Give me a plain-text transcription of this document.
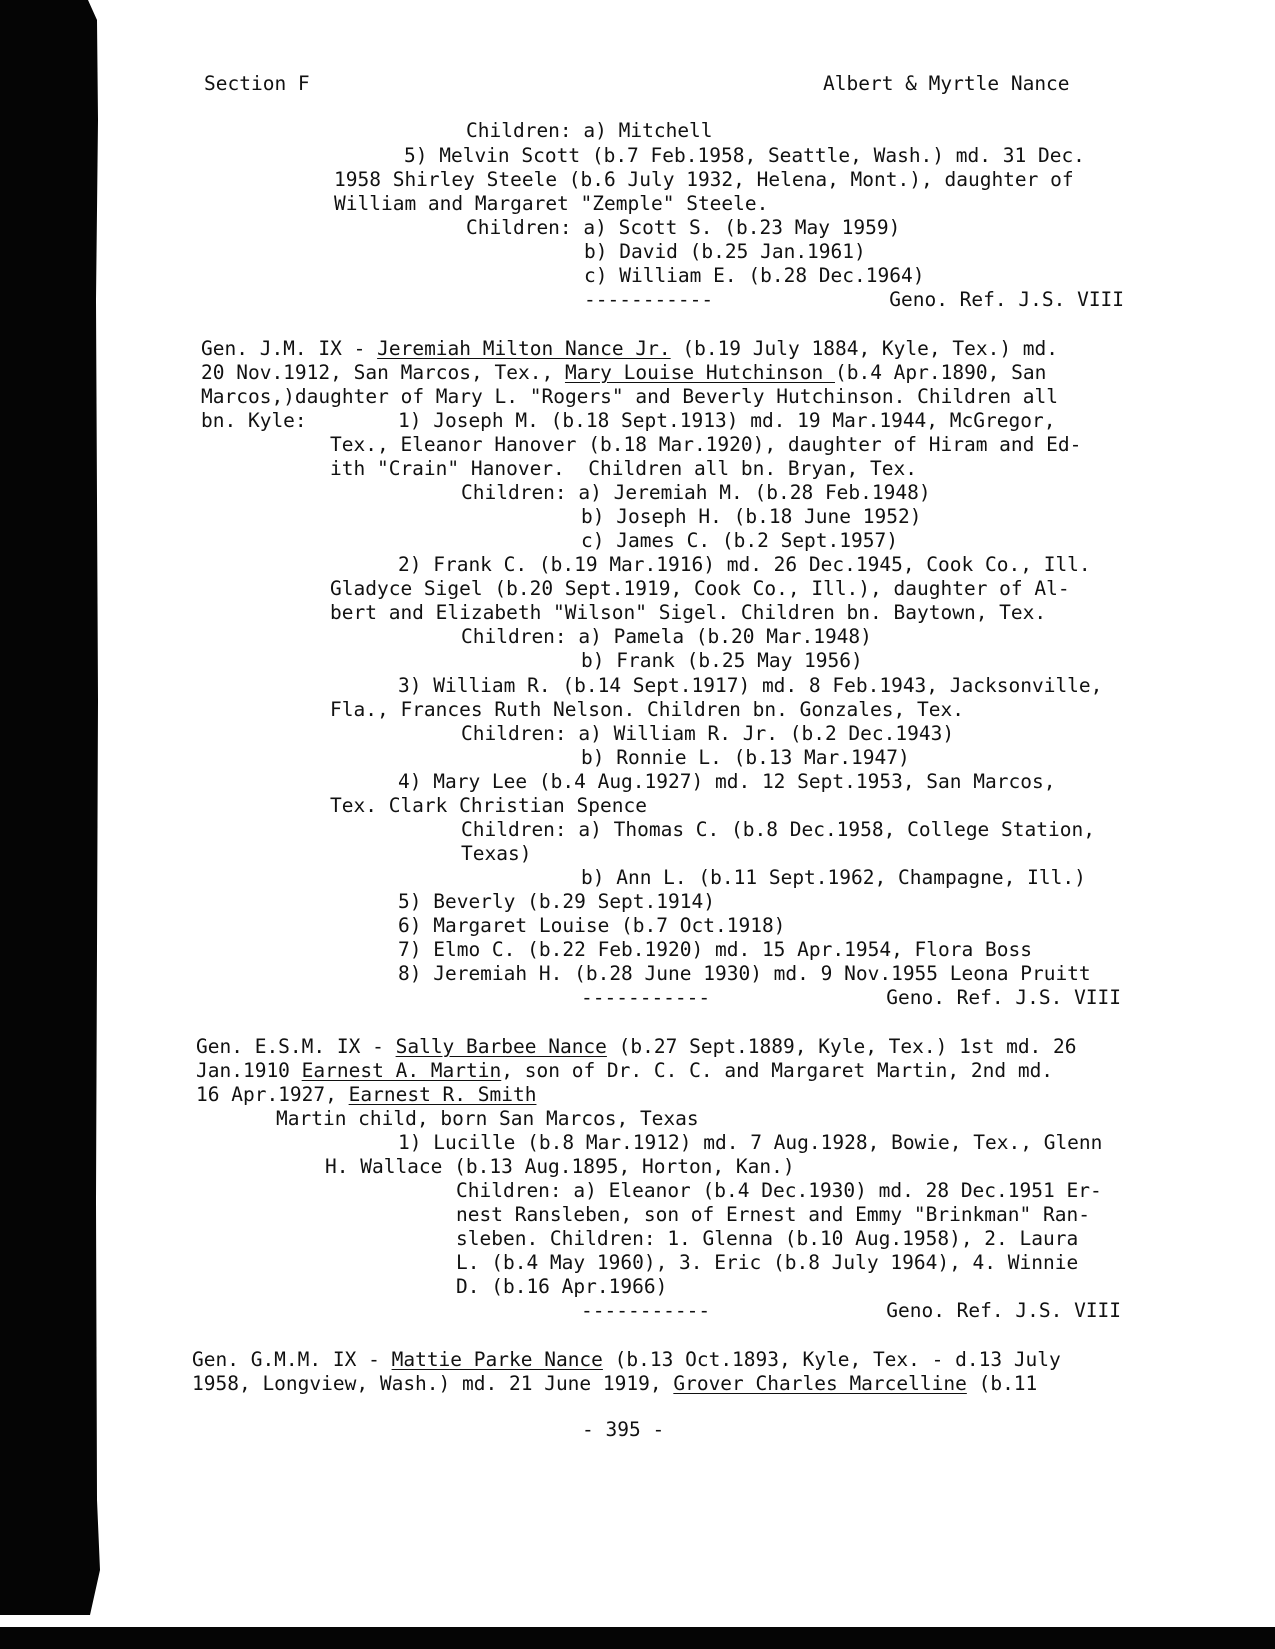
Section F	Albert & Myrtle Nance
Children: a) Mitchell
5) Melvin Scott (b.7 Feb.1958, Seattle, Wash.) md. 31 Dec.
1958 Shirley Steele (b.6 July 1932, Helena, Mont.), daughter of
William and Margaret "Zemple" Steele.
Children: a) Scott S. (b.23 May 1959)
b) David (b.25 Jan.1961)
c) William E. (b.28 Dec.1964)
-----------               Geno. Ref. J.S. VIII
Gen. J.M. IX - Jeremiah Milton Nance Jr. (b.19 July 1884, Kyle, Tex.) md.
20 Nov.1912, San Marcos, Tex., Mary Louise Hutchinson (b.4 Apr.1890, San
Marcos,)daughter of Mary L. "Rogers" and Beverly Hutchinson. Children all
bn. Kyle:	1) Joseph M. (b.18 Sept.1913) md. 19 Mar.1944, McGregor,
Tex., Eleanor Hanover (b.18 Mar.1920), daughter of Hiram and Ed-
ith "Crain" Hanover.  Children all bn. Bryan, Tex.
Children: a) Jeremiah M. (b.28 Feb.1948)
b) Joseph H. (b.18 June 1952)
c) James C. (b.2 Sept.1957)
2) Frank C. (b.19 Mar.1916) md. 26 Dec.1945, Cook Co., Ill.
Gladyce Sigel (b.20 Sept.1919, Cook Co., Ill.), daughter of Al-
bert and Elizabeth "Wilson" Sigel. Children bn. Baytown, Tex.
Children: a) Pamela (b.20 Mar.1948)
b) Frank (b.25 May 1956)
3) William R. (b.14 Sept.1917) md. 8 Feb.1943, Jacksonville,
Fla., Frances Ruth Nelson. Children bn. Gonzales, Tex.
Children: a) William R. Jr. (b.2 Dec.1943)
b) Ronnie L. (b.13 Mar.1947)
4) Mary Lee (b.4 Aug.1927) md. 12 Sept.1953, San Marcos,
Tex. Clark Christian Spence
Children: a) Thomas C. (b.8 Dec.1958, College Station,
Texas)
b) Ann L. (b.11 Sept.1962, Champagne, Ill.)
5) Beverly (b.29 Sept.1914)
6) Margaret Louise (b.7 Oct.1918)
7) Elmo C. (b.22 Feb.1920) md. 15 Apr.1954, Flora Boss
8) Jeremiah H. (b.28 June 1930) md. 9 Nov.1955 Leona Pruitt
-----------               Geno. Ref. J.S. VIII
Gen. E.S.M. IX - Sally Barbee Nance (b.27 Sept.1889, Kyle, Tex.) 1st md. 26
Jan.1910 Earnest A. Martin, son of Dr. C. C. and Margaret Martin, 2nd md.
16 Apr.1927, Earnest R. Smith
Martin child, born San Marcos, Texas
1) Lucille (b.8 Mar.1912) md. 7 Aug.1928, Bowie, Tex., Glenn
H. Wallace (b.13 Aug.1895, Horton, Kan.)
Children: a) Eleanor (b.4 Dec.1930) md. 28 Dec.1951 Er-
nest Ransleben, son of Ernest and Emmy "Brinkman" Ran-
sleben. Children: 1. Glenna (b.10 Aug.1958), 2. Laura
L. (b.4 May 1960), 3. Eric (b.8 July 1964), 4. Winnie
D. (b.16 Apr.1966)
-----------               Geno. Ref. J.S. VIII
Gen. G.M.M. IX - Mattie Parke Nance (b.13 Oct.1893, Kyle, Tex. - d.13 July
1958, Longview, Wash.) md. 21 June 1919, Grover Charles Marcelline (b.11
- 395 -
